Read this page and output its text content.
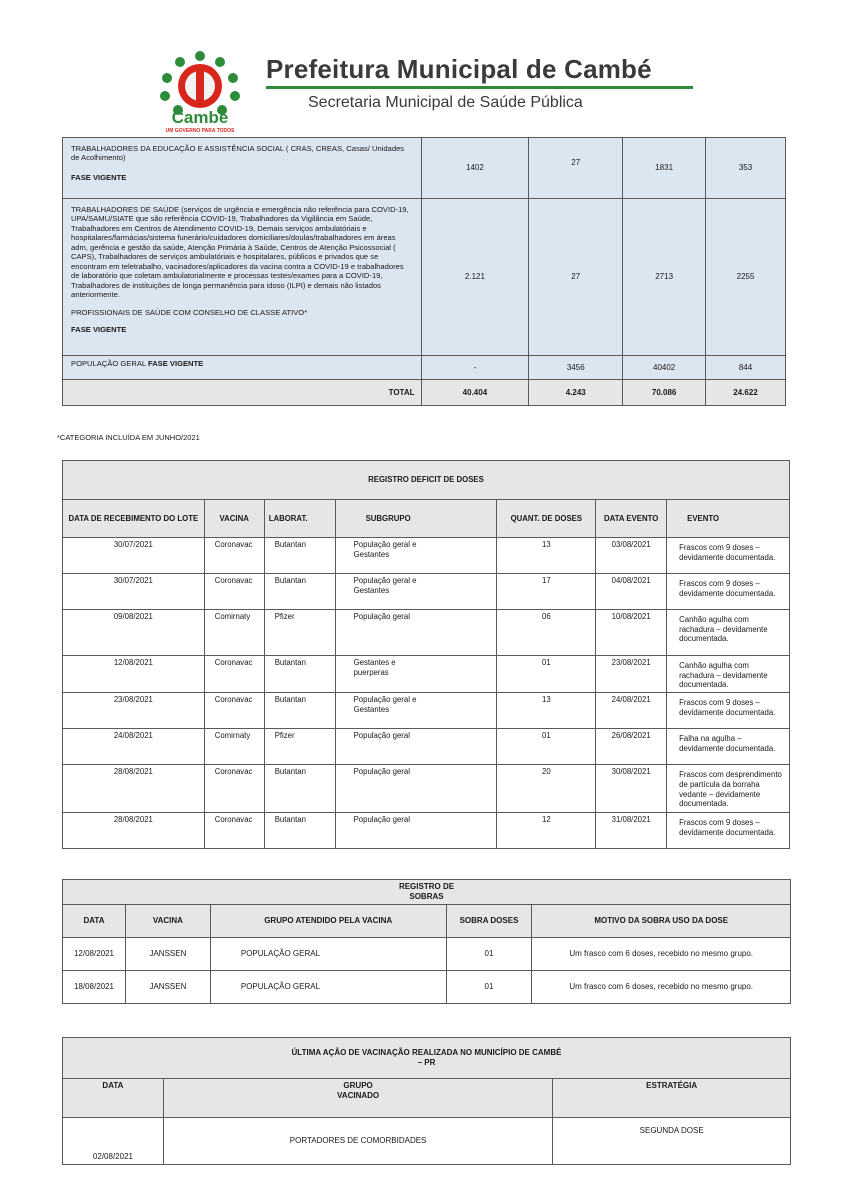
Cambé
UM GOVERNO PARA TODOS
Prefeitura Municipal de Cambé
Secretaria Municipal de Saúde Pública
TRABALHADORES DA EDUCAÇÃO E ASSISTÊNCIA SOCIAL ( CRAS, CREAS, Casas/ Unidades de Acolhimento)
FASE VIGENTE	1402	27	1831	353
TRABALHADORES DE SAÚDE (serviços de urgência e emergência não referência para COVID-19, UPA/SAMU/SIATE que são referência COVID-19, Trabalhadores da Vigilância em Saúde, Trabalhadores em Centros de Atendimento COVID-19, Demais serviços ambulatóriais e hospitalares/farmácias/sistema funerário/cuidadores domiciliares/doulas/trabalhadores em áreas adm, gerência e gestão da saúde, Atenção Primária à Saúde, Centros de Atenção Psicossocial ( CAPS), Trabalhadores de serviços ambulatóriais e hospitalares, públicos e privados que se encontram em teletrabalho, vacinadores/aplicadores da vacina contra a COVID-19 e trabalhadores de laboratório que coletam ambulatorialmente e processas testes/exames para a COVID-19, Trabalhadores de instituições de longa permanência para idoso (ILPI) e demais não listados anteriormente.
PROFISSIONAIS DE SAÚDE COM CONSELHO DE CLASSE ATIVO*
FASE VIGENTE	2.121	27	2713	2255
POPULAÇÃO GERAL FASE VIGENTE	-	3456	40402	844
TOTAL	40.404	4.243	70.086	24.622
*CATEGORIA INCLUÍDA EM JUNHO/2021
REGISTRO DEFICIT DE DOSES						
DATA DE RECEBIMENTO DO LOTE	VACINA	LABORAT.	SUBGRUPO	QUANT. DE DOSES	DATA EVENTO	EVENTO
30/07/2021	Coronavac	Butantan	População geral e Gestantes	13	03/08/2021	Frascos com 9 doses – devidamente documentada.
30/07/2021	Coronavac	Butantan	População geral e Gestantes	17	04/08/2021	Frascos com 9 doses – devidamente documentada.
09/08/2021	Comirnaty	Pfizer	População geral	06	10/08/2021	Canhão agulha com rachadura – devidamente documentada.
12/08/2021	Coronavac	Butantan	Gestantes e puerperas	01	23/08/2021	Canhão agulha com rachadura – devidamente documentada.
23/08/2021	Coronavac	Butantan	População geral e Gestantes	13	24/08/2021	Frascos com 9 doses – devidamente documentada.
24/08/2021	Comirnaty	Pfizer	População geral	01	26/08/2021	Falha na agulha – devidamente documentada.
28/08/2021	Coronavac	Butantan	População geral	20	30/08/2021	Frascos com desprendimento de partícula da borraha vedante – devidamente documentada.
28/08/2021	Coronavac	Butantan	População geral	12	31/08/2021	Frascos com 9 doses – devidamente documentada.
REGISTRO DE SOBRAS				
DATA	VACINA	GRUPO ATENDIDO PELA VACINA	SOBRA DOSES	MOTIVO DA SOBRA USO DA DOSE
12/08/2021	JANSSEN	POPULAÇÃO GERAL	01	Um frasco com 6 doses, recebido no mesmo grupo.
18/08/2021	JANSSEN	POPULAÇÃO GERAL	01	Um frasco com 6 doses, recebido no mesmo grupo.
ÚLTIMA AÇÃO DE VACINAÇÃO REALIZADA NO MUNICÍPIO DE CAMBÉ – PR		
DATA	GRUPO VACINADO	ESTRATÉGIA
02/08/2021	PORTADORES DE COMORBIDADES	SEGUNDA DOSE
